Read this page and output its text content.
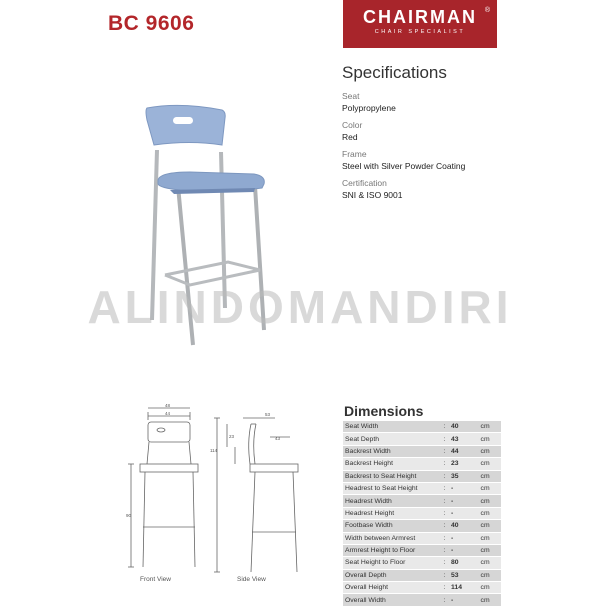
BC 9606	CHAIRMAN	®
CHAIR SPECIALIST
Specifications
Seat
Polypropylene
Color
Red
Frame
Steel with Silver Powder Coating
Certification
SNI & ISO 9001
ALINDOMANDIRI
48
44
90
53
114
23	43
Front View	Side View
Dimensions
Seat Width	:	40	cm
Seat Depth	:	43	cm
Backrest Width	:	44	cm
Backrest Height	:	23	cm
Backrest to Seat Height	:	35	cm
Headrest to Seat Height	:	-	cm
Headrest Width	:	-	cm
Headrest Height	:	-	cm
Footbase Width	:	40	cm
Width between Armrest	:	-	cm
Armrest Height to Floor	:	-	cm
Seat Height to Floor	:	80	cm
Overall Depth	:	53	cm
Overall Height	:	114	cm
Overall Width	:	-	cm
